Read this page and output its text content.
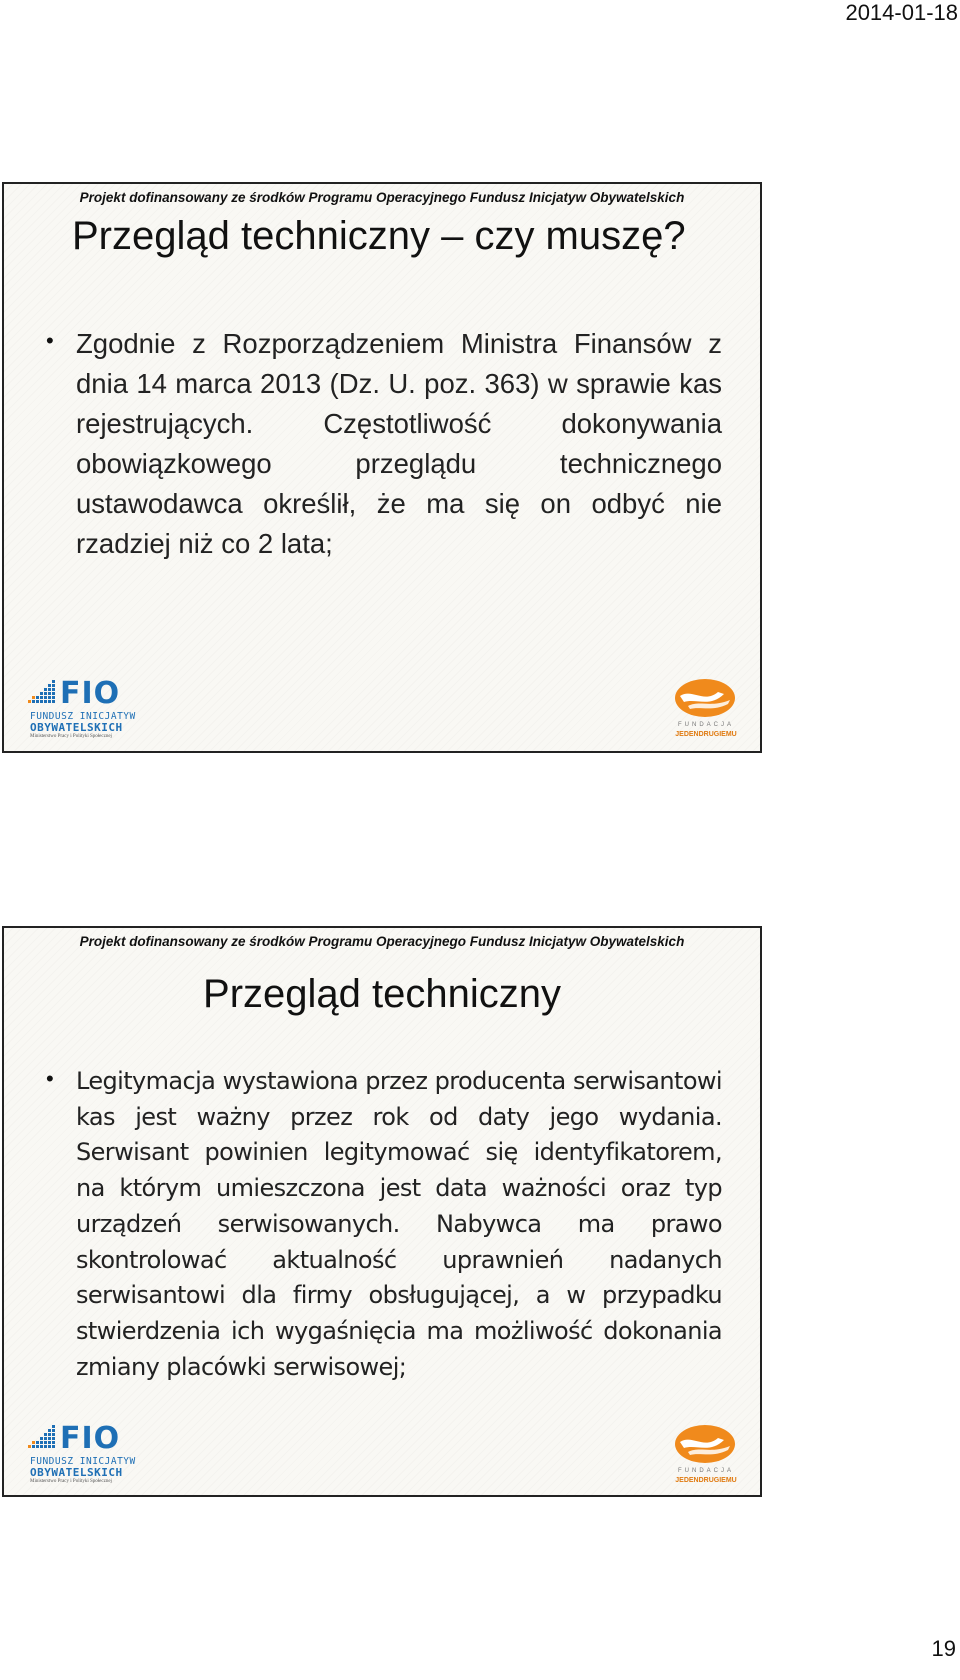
2014-01-18
Projekt dofinansowany ze środków Programu Operacyjnego Fundusz Inicjatyw Obywatelskich
Przegląd techniczny – czy muszę?
• Zgodnie z Rozporządzeniem Ministra Finansów z dnia 14 marca 2013 (Dz. U. poz. 363) w sprawie kas rejestrujących. Częstotliwość dokonywania obowiązkowego przeglądu technicznego ustawodawca określił, że ma się on odbyć nie rzadziej niż co 2 lata;
FIO
FUNDUSZ INICJATYW
OBYWATELSKICH
Ministerstwo Pracy i Polityki Społecznej
FUNDACJA
JEDENDRUGIEMU
Projekt dofinansowany ze środków Programu Operacyjnego Fundusz Inicjatyw Obywatelskich
Przegląd techniczny
• Legitymacja wystawiona przez producenta serwisantowi kas jest ważny przez rok od daty jego wydania. Serwisant powinien legitymować się identyfikatorem, na którym umieszczona jest data ważności oraz typ urządzeń serwisowanych. Nabywca ma prawo skontrolować aktualność uprawnień nadanych serwisantowi dla firmy obsługującej, a w przypadku stwierdzenia ich wygaśnięcia ma możliwość dokonania zmiany placówki serwisowej;
FIO
FUNDUSZ INICJATYW
OBYWATELSKICH
Ministerstwo Pracy i Polityki Społecznej
FUNDACJA
JEDENDRUGIEMU
19
